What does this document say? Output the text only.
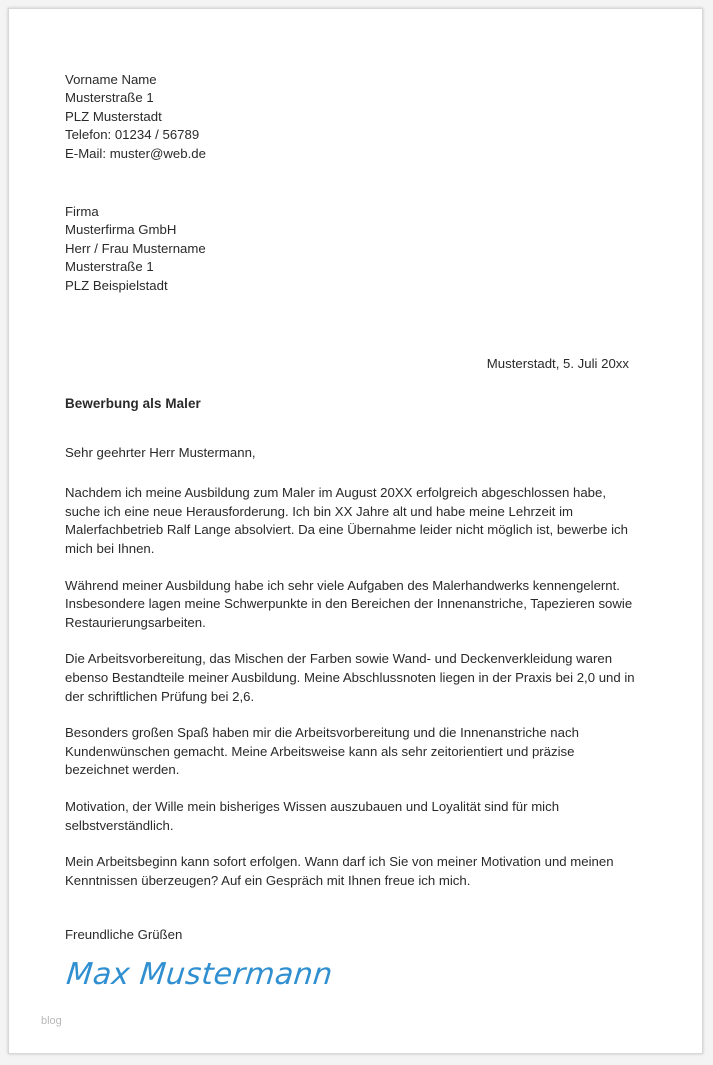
Vorname Name
Musterstraße 1
PLZ Musterstadt
Telefon: 01234 / 56789
E-Mail: muster@web.de
Firma
Musterfirma GmbH
Herr / Frau Mustername
Musterstraße 1
PLZ Beispielstadt
Musterstadt, 5. Juli 20xx
Bewerbung als Maler
Sehr geehrter Herr Mustermann,

Nachdem ich meine Ausbildung zum Maler im August 20XX erfolgreich abgeschlossen habe, suche ich eine neue Herausforderung. Ich bin XX Jahre alt und habe meine Lehrzeit im Malerfachbetrieb Ralf Lange absolviert. Da eine Übernahme leider nicht möglich ist, bewerbe ich mich bei Ihnen.

Während meiner Ausbildung habe ich sehr viele Aufgaben des Malerhandwerks kennengelernt. Insbesondere lagen meine Schwerpunkte in den Bereichen der Innenanstriche, Tapezieren sowie Restaurierungsarbeiten.

Die Arbeitsvorbereitung, das Mischen der Farben sowie Wand- und Deckenverkleidung waren ebenso Bestandteile meiner Ausbildung. Meine Abschlussnoten liegen in der Praxis bei 2,0 und in der schriftlichen Prüfung bei 2,6.

Besonders großen Spaß haben mir die Arbeitsvorbereitung und die Innenanstriche nach Kundenwünschen gemacht. Meine Arbeitsweise kann als sehr zeitorientiert und präzise bezeichnet werden.

Motivation, der Wille mein bisheriges Wissen auszubauen und Loyalität sind für mich selbstverständlich.

Mein Arbeitsbeginn kann sofort erfolgen. Wann darf ich Sie von meiner Motivation und meinen Kenntnissen überzeugen? Auf ein Gespräch mit Ihnen freue ich mich.

Freundliche Grüßen
Max Mustermann
blog
